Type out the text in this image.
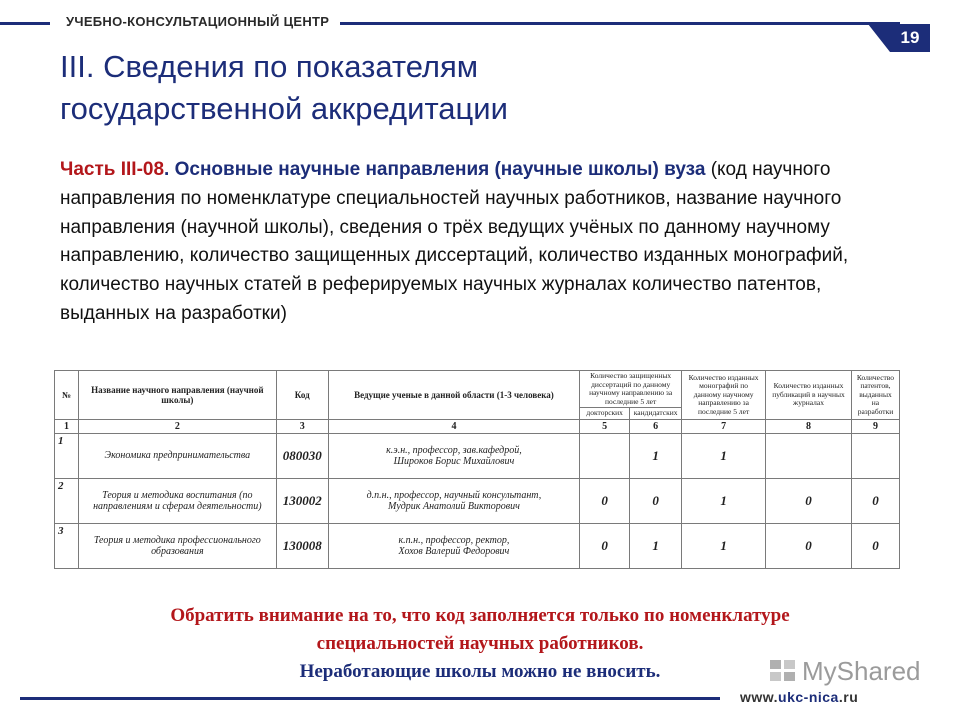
УЧЕБНО-КОНСУЛЬТАЦИОННЫЙ ЦЕНТР
19
III. Сведения по показателям
государственной аккредитации
Часть III-08. Основные научные направления (научные школы) вуза (код научного направления по номенклатуре специальностей научных работников, название научного направления (научной школы), сведения о трёх ведущих учёных по данному научному направлению, количество защищенных диссертаций, количество изданных монографий, количество научных статей в реферируемых научных журналах количество патентов, выданных на разработки)
№	Название научного направления (научной школы)	Код	Ведущие ученые в данной области (1-3 человека)	Количество защищенных диссертаций по данному научному направлению за последние 5 лет		Количество изданных монографий по данному научному направлению за последние 5 лет	Количество изданных публикаций в научных журналах	Количество патентов, выданных на разработки
				докторских	кандидатских			
1	2	3	4	5	6	7	8	9
1	Экономика предпринимательства	080030	к.э.н., профессор, зав.кафедрой,
Широков Борис Михайлович		1	1		
2	Теория и методика воспитания (по направлениям и сферам деятельности)	130002	д.п.н., профессор, научный консультант,
Мудрик Анатолий Викторович	0	0	1	0	0
3	Теория и методика профессионального образования	130008	к.п.н., профессор, ректор,
Хохов Валерий Федорович	0	1	1	0	0
Обратить внимание на то, что код заполняется только по номенклатуре
специальностей научных работников.
Неработающие школы можно не вносить.	MyShared
www.ukc-nica.ru
